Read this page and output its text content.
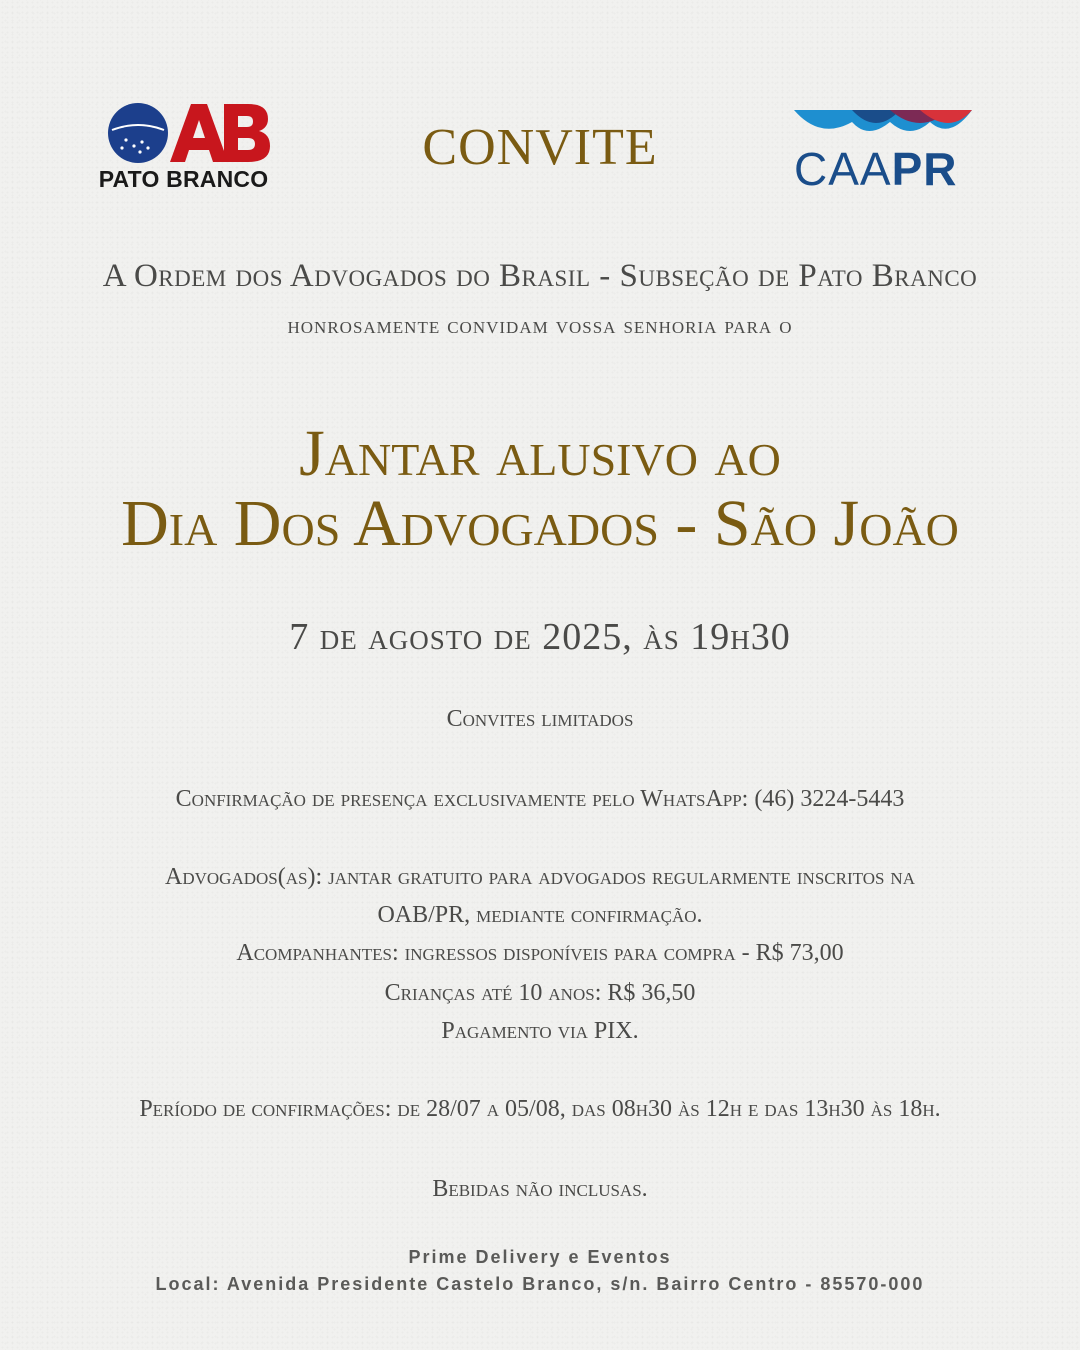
PATO BRANCO
CONVITE	CAAPR
A Ordem dos Advogados do Brasil - Subseção de Pato Branco
honrosamente convidam vossa senhoria para o
Jantar alusivo ao
Dia Dos Advogados - São João
7 de agosto de 2025, às 19h30
Convites limitados
Confirmação de presença exclusivamente pelo WhatsApp: (46) 3224-5443
Advogados(as): jantar gratuito para advogados regularmente inscritos na
OAB/PR, mediante confirmação.
Acompanhantes: ingressos disponíveis para compra - R$ 73,00
Crianças até 10 anos: R$ 36,50
Pagamento via PIX.
Período de confirmações: de 28/07 a 05/08, das 08h30 às 12h e das 13h30 às 18h.
Bebidas não inclusas.
Prime Delivery e Eventos
Local: Avenida Presidente Castelo Branco, s/n. Bairro Centro - 85570-000
